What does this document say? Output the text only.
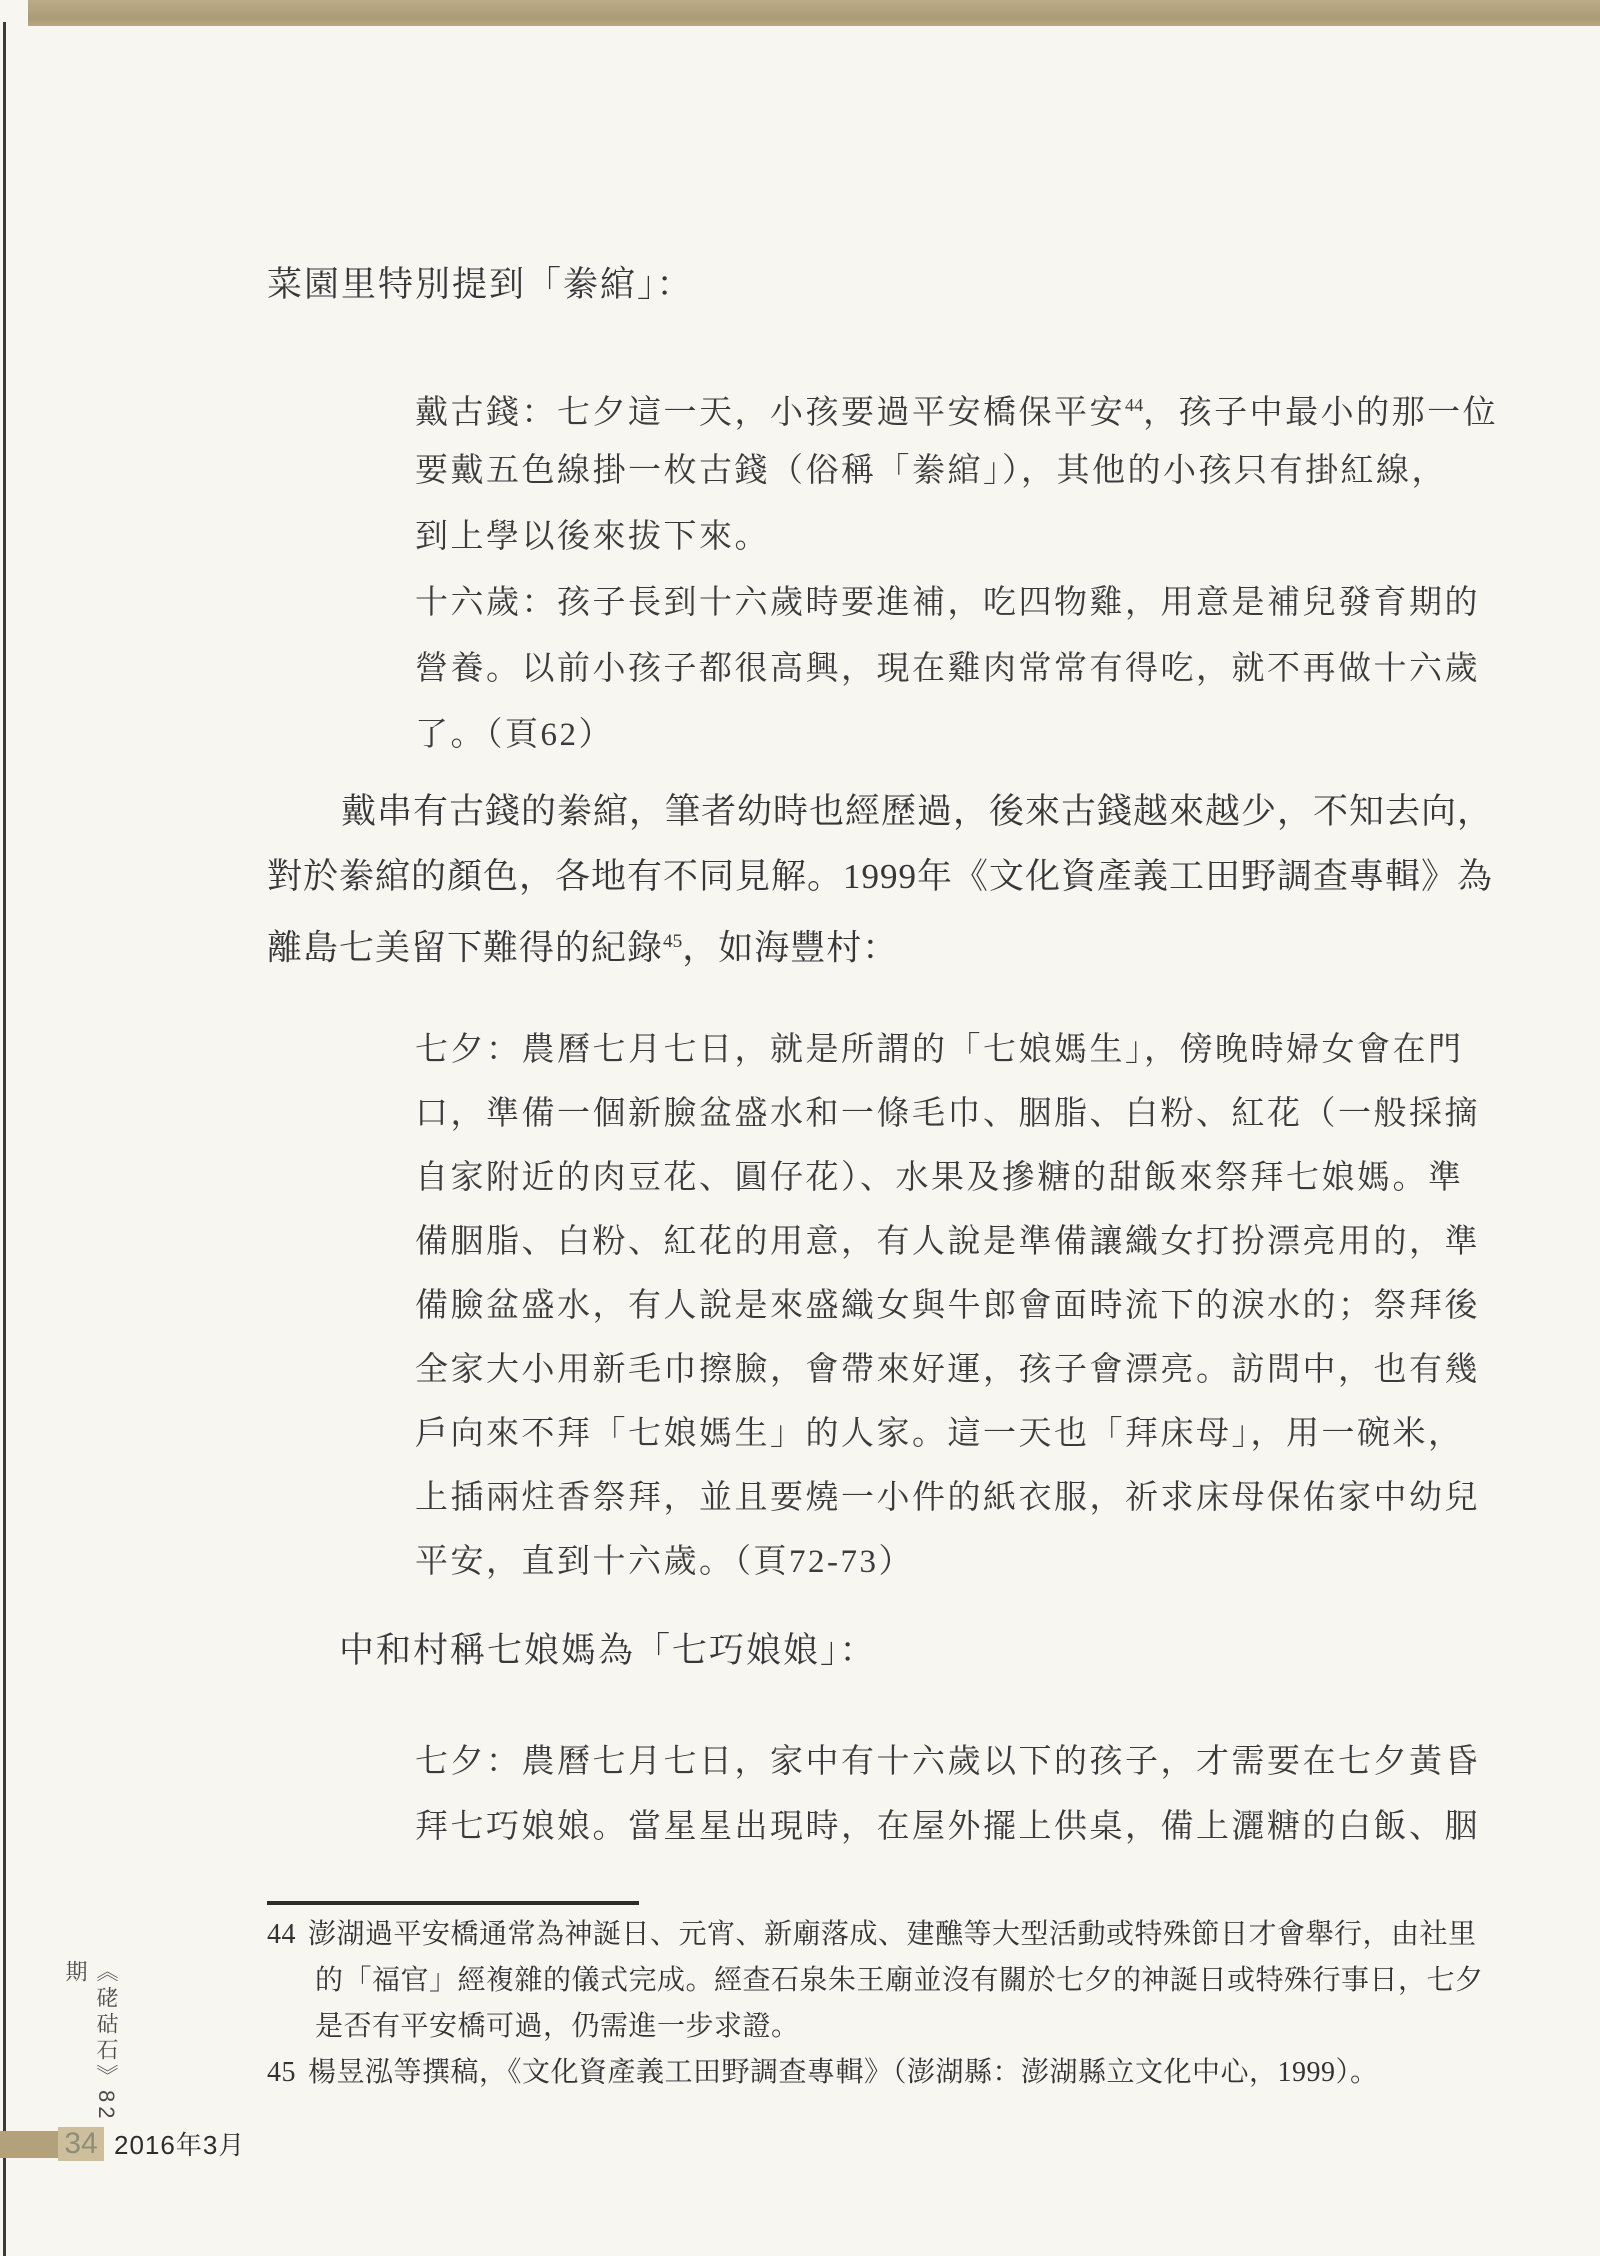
菜園里特別提到「絭綰」：
戴古錢：七夕這一天，小孩要過平安橋保平安$^{44}$，孩子中最小的那一位
要戴五色線掛一枚古錢（俗稱「絭綰」），其他的小孩只有掛紅線，
到上學以後來拔下來。
十六歲：孩子長到十六歲時要進補，吃四物雞，用意是補兒發育期的
營養。以前小孩子都很高興，現在雞肉常常有得吃，就不再做十六歲
了。（頁62）
戴串有古錢的絭綰，筆者幼時也經歷過，後來古錢越來越少，不知去向，
對於絭綰的顏色，各地有不同見解。1999年《文化資產義工田野調查專輯》為
離島七美留下難得的紀錄$^{45}$，如海豐村：
七夕：農曆七月七日，就是所謂的「七娘媽生」，傍晚時婦女會在門
口，準備一個新臉盆盛水和一條毛巾、胭脂、白粉、紅花（一般採摘
自家附近的肉豆花、圓仔花）、水果及摻糖的甜飯來祭拜七娘媽。準
備胭脂、白粉、紅花的用意，有人說是準備讓織女打扮漂亮用的，準
備臉盆盛水，有人說是來盛織女與牛郎會面時流下的淚水的；祭拜後
全家大小用新毛巾擦臉，會帶來好運，孩子會漂亮。訪問中，也有幾
戶向來不拜「七娘媽生」的人家。這一天也「拜床母」，用一碗米，
上插兩炷香祭拜，並且要燒一小件的紙衣服，祈求床母保佑家中幼兒
平安，直到十六歲。（頁72-73）
中和村稱七娘媽為「七巧娘娘」：
七夕：農曆七月七日，家中有十六歲以下的孩子，才需要在七夕黃昏
拜七巧娘娘。當星星出現時，在屋外擺上供桌，備上灑糖的白飯、胭
44 澎湖過平安橋通常為神誕日、元宵、新廟落成、建醮等大型活動或特殊節日才會舉行，由社里
的「福官」經複雜的儀式完成。經查石泉朱王廟並沒有關於七夕的神誕日或特殊行事日，七夕
是否有平安橋可過，仍需進一步求證。
45 楊昱泓等撰稿，《文化資產義工田野調查專輯》（澎湖縣：澎湖縣立文化中心，1999）。
《硓𥑮石》82期
34 2016年3月
